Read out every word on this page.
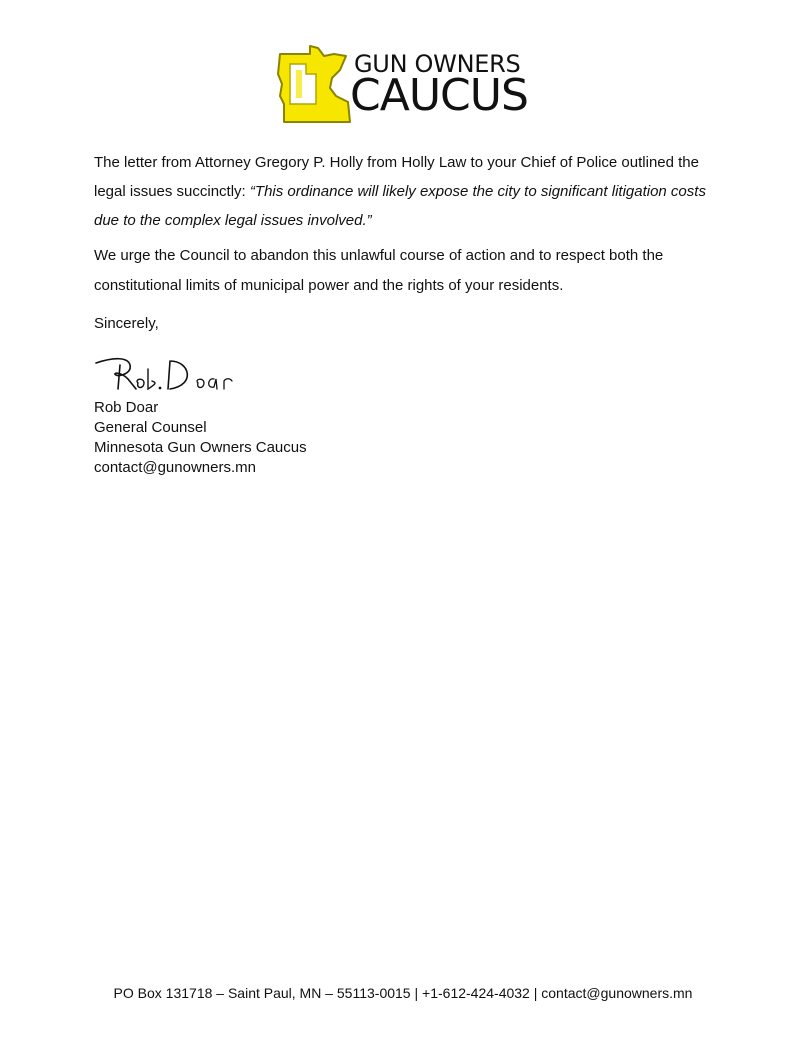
GUN OWNERS
CAUCUS
The letter from Attorney Gregory P. Holly from Holly Law to your Chief of Police outlined the legal issues succinctly: “This ordinance will likely expose the city to significant litigation costs due to the complex legal issues involved.”
We urge the Council to abandon this unlawful course of action and to respect both the constitutional limits of municipal power and the rights of your residents.
Sincerely,
Rob Doar
General Counsel
Minnesota Gun Owners Caucus
contact@gunowners.mn
PO Box 131718 – Saint Paul, MN – 55113-0015 | +1-612-424-4032 | contact@gunowners.mn
